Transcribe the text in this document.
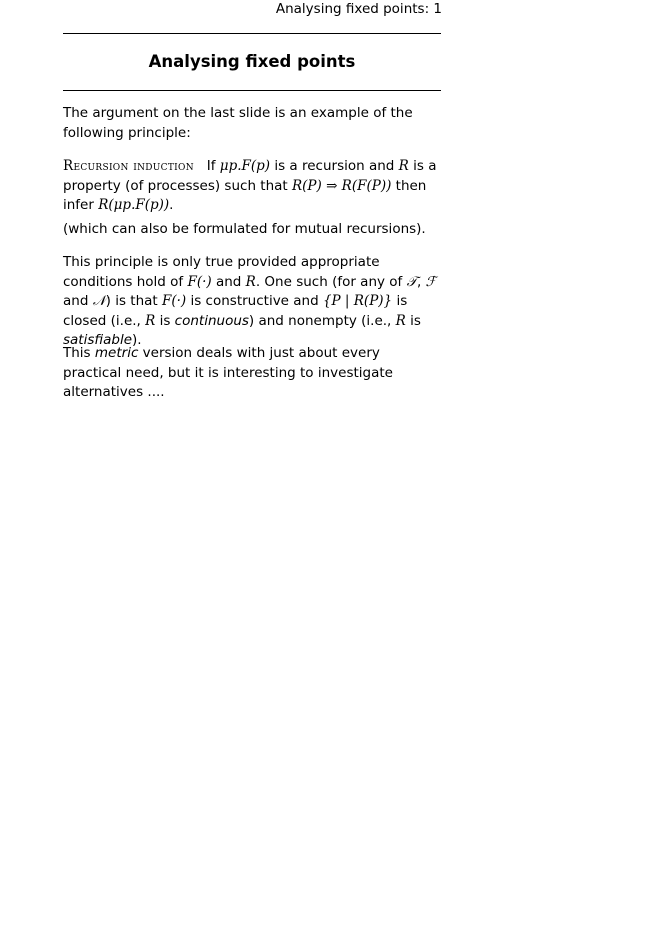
Analysing fixed points: 1
Analysing fixed points

The argument on the last slide is an example of the following principle:

Recursion induction If μp.F(p) is a recursion and R is a property (of processes) such that R(P) ⇒ R(F(P)) then infer R(μp.F(p)).

(which can also be formulated for mutual recursions).

This principle is only true provided appropriate conditions hold of F(·) and R. One such (for any of 𝒯, ℱ and 𝒩) is that F(·) is constructive and {P | R(P)} is closed (i.e., R is continuous) and nonempty (i.e., R is satisfiable).

This metric version deals with just about every practical need, but it is interesting to investigate alternatives ....
